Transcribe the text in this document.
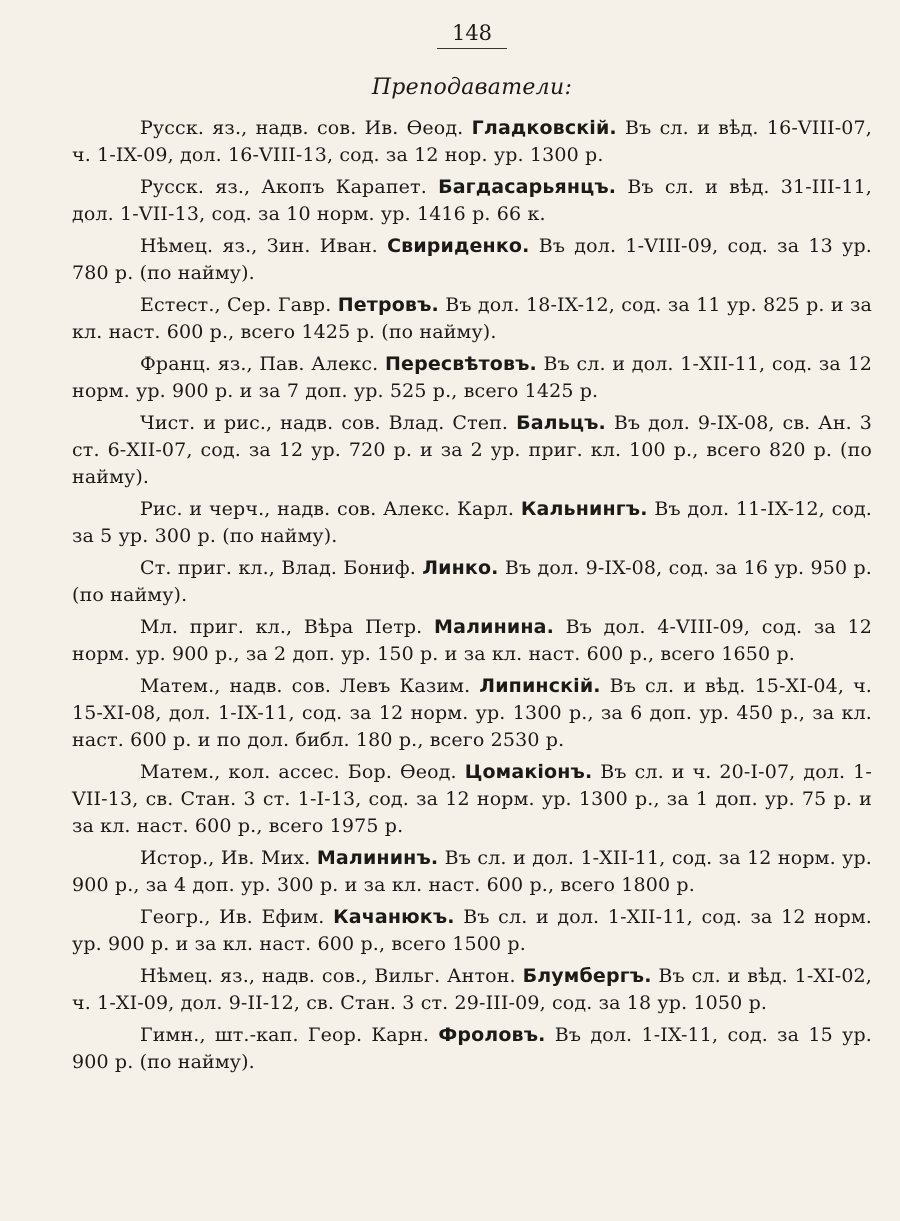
148
Преподаватели:

Русск. яз., надв. сов. Ив. Ѳеод. Гладковскій. Въ сл. и вѣд. 16-VIII-07, ч. 1-IX-09, дол. 16-VIII-13, сод. за 12 нор. ур. 1300 р.

Русск. яз., Акопъ Карапет. Багдасарьянцъ. Въ сл. и вѣд. 31-III-11, дол. 1-VII-13, сод. за 10 норм. ур. 1416 р. 66 к.

Нѣмец. яз., Зин. Иван. Свириденко. Въ дол. 1-VIII-09, сод. за 13 ур. 780 р. (по найму).

Естест., Сер. Гавр. Петровъ. Въ дол. 18-IX-12, сод. за 11 ур. 825 р. и за кл. наст. 600 р., всего 1425 р. (по найму).

Франц. яз., Пав. Алекс. Пересвѣтовъ. Въ сл. и дол. 1-XII-11, сод. за 12 норм. ур. 900 р. и за 7 доп. ур. 525 р., всего 1425 р.

Чист. и рис., надв. сов. Влад. Степ. Бальцъ. Въ дол. 9-IX-08, св. Ан. 3 ст. 6-XII-07, сод. за 12 ур. 720 р. и за 2 ур. приг. кл. 100 р., всего 820 р. (по найму).

Рис. и черч., надв. сов. Алекс. Карл. Кальнингъ. Въ дол. 11-IX-12, сод. за 5 ур. 300 р. (по найму).

Ст. приг. кл., Влад. Бониф. Линко. Въ дол. 9-IX-08, сод. за 16 ур. 950 р. (по найму).

Мл. приг. кл., Вѣра Петр. Малинина. Въ дол. 4-VIII-09, сод. за 12 норм. ур. 900 р., за 2 доп. ур. 150 р. и за кл. наст. 600 р., всего 1650 р.

Матем., надв. сов. Левъ Казим. Липинскій. Въ сл. и вѣд. 15-XI-04, ч. 15-XI-08, дол. 1-IX-11, сод. за 12 норм. ур. 1300 р., за 6 доп. ур. 450 р., за кл. наст. 600 р. и по дол. библ. 180 р., всего 2530 р.

Матем., кол. ассес. Бор. Ѳеод. Цомакіонъ. Въ сл. и ч. 20-I-07, дол. 1-VII-13, св. Стан. 3 ст. 1-I-13, сод. за 12 норм. ур. 1300 р., за 1 доп. ур. 75 р. и за кл. наст. 600 р., всего 1975 р.

Истор., Ив. Мих. Малининъ. Въ сл. и дол. 1-XII-11, сод. за 12 норм. ур. 900 р., за 4 доп. ур. 300 р. и за кл. наст. 600 р., всего 1800 р.

Геогр., Ив. Ефим. Качанюкъ. Въ сл. и дол. 1-XII-11, сод. за 12 норм. ур. 900 р. и за кл. наст. 600 р., всего 1500 р.

Нѣмец. яз., надв. сов., Вильг. Антон. Блумбергъ. Въ сл. и вѣд. 1-XI-02, ч. 1-XI-09, дол. 9-II-12, св. Стан. 3 ст. 29-III-09, сод. за 18 ур. 1050 р.

Гимн., шт.-кап. Геор. Карн. Фроловъ. Въ дол. 1-IX-11, сод. за 15 ур. 900 р. (по найму).
